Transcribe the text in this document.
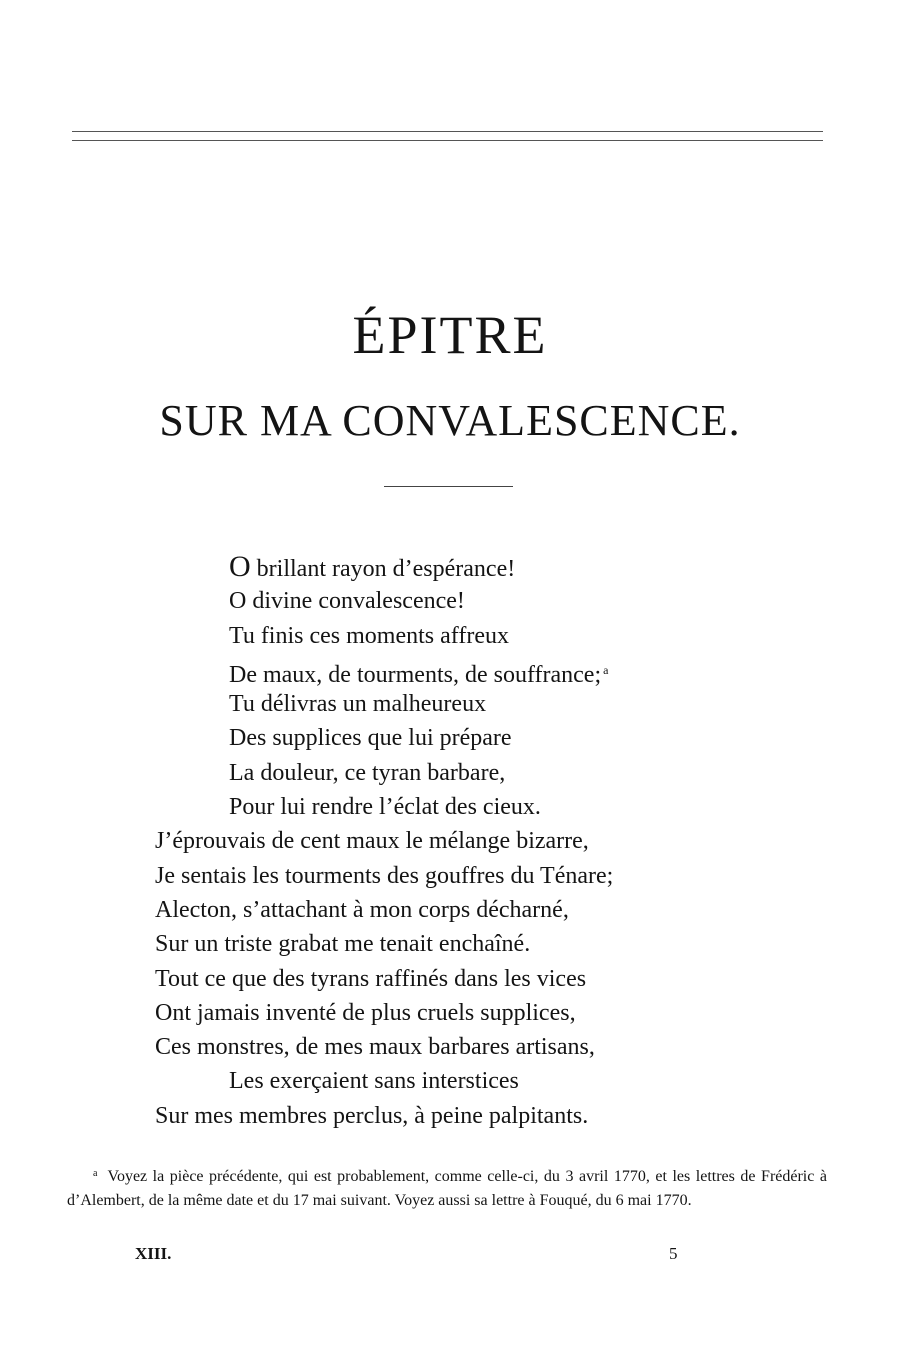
ÉPITRE
SUR MA CONVALESCENCE.
O brillant rayon d’espérance!
O divine convalescence!
Tu finis ces moments affreux
De maux, de tourments, de souffrance; $^a$
Tu délivras un malheureux
Des supplices que lui prépare
La douleur, ce tyran barbare,
Pour lui rendre l’éclat des cieux.
J’éprouvais de cent maux le mélange bizarre,
Je sentais les tourments des gouffres du Ténare;
Alecton, s’attachant à mon corps décharné,
Sur un triste grabat me tenait enchaîné.
Tout ce que des tyrans raffinés dans les vices
Ont jamais inventé de plus cruels supplices,
Ces monstres, de mes maux barbares artisans,
Les exerçaient sans interstices
Sur mes membres perclus, à peine palpitants.
$^a$ Voyez la pièce précédente, qui est probablement, comme celle-ci, du 3 avril 1770, et les lettres de Frédéric à d’Alembert, de la même date et du 17 mai suivant. Voyez aussi sa lettre à Fouqué, du 6 mai 1770.
XIII.	5
